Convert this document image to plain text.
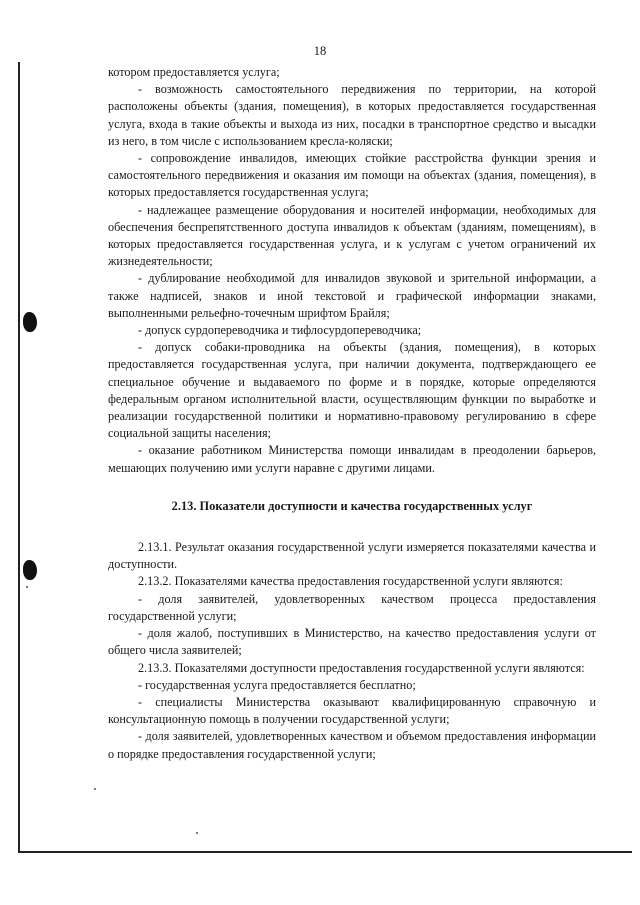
18

котором предоставляется услуга;

- возможность самостоятельного передвижения по территории, на которой расположены объекты (здания, помещения), в которых предоставляется государственная услуга, входа в такие объекты и выхода из них, посадки в транспортное средство и высадки из него, в том числе с использованием кресла-коляски;

- сопровождение инвалидов, имеющих стойкие расстройства функции зрения и самостоятельного передвижения и оказания им помощи на объектах (здания, помещения), в которых предоставляется государственная услуга;

- надлежащее размещение оборудования и носителей информации, необходимых для обеспечения беспрепятственного доступа инвалидов к объектам (зданиям, помещениям), в которых предоставляется государственная услуга, и к услугам с учетом ограничений их жизнедеятельности;

- дублирование необходимой для инвалидов звуковой и зрительной информации, а также надписей, знаков и иной текстовой и графической информации знаками, выполненными рельефно-точечным шрифтом Брайля;

- допуск сурдопереводчика и тифлосурдопереводчика;

- допуск собаки-проводника на объекты (здания, помещения), в которых предоставляется государственная услуга, при наличии документа, подтверждающего ее специальное обучение и выдаваемого по форме и в порядке, которые определяются федеральным органом исполнительной власти, осуществляющим функции по выработке и реализации государственной политики и нормативно-правовому регулированию в сфере социальной защиты населения;

- оказание работником Министерства помощи инвалидам в преодолении барьеров, мешающих получению ими услуги наравне с другими лицами.

2.13. Показатели доступности и качества государственных услуг

2.13.1. Результат оказания государственной услуги измеряется показателями качества и доступности.

2.13.2. Показателями качества предоставления государственной услуги являются:

- доля заявителей, удовлетворенных качеством процесса предоставления государственной услуги;

- доля жалоб, поступивших в Министерство, на качество предоставления услуги от общего числа заявителей;

2.13.3. Показателями доступности предоставления государственной услуги являются:

- государственная услуга предоставляется бесплатно;

- специалисты Министерства оказывают квалифицированную справочную и консультационную помощь в получении государственной услуги;

- доля заявителей, удовлетворенных качеством и объемом предоставления информации о порядке предоставления государственной услуги;
